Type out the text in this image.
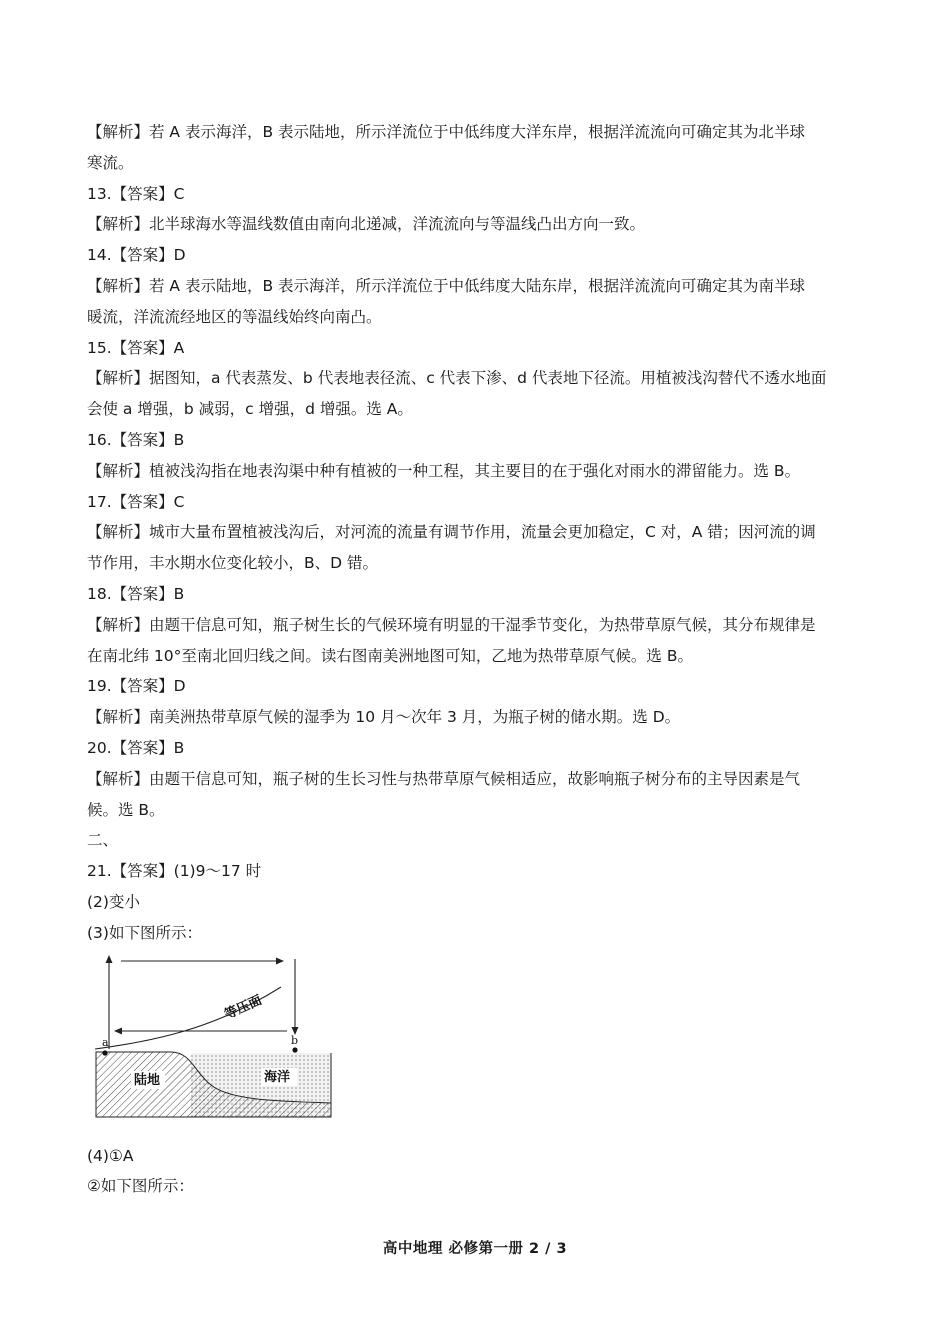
【解析】若 A 表示海洋，B 表示陆地，所示洋流位于中低纬度大洋东岸，根据洋流流向可确定其为北半球
寒流。
13.【答案】C
【解析】北半球海水等温线数值由南向北递减，洋流流向与等温线凸出方向一致。
14.【答案】D
【解析】若 A 表示陆地，B 表示海洋，所示洋流位于中低纬度大陆东岸，根据洋流流向可确定其为南半球
暖流，洋流流经地区的等温线始终向南凸。
15.【答案】A
【解析】据图知，a 代表蒸发、b 代表地表径流、c 代表下渗、d 代表地下径流。用植被浅沟替代不透水地面
会使 a 增强，b 减弱，c 增强，d 增强。选 A。
16.【答案】B
【解析】植被浅沟指在地表沟渠中种有植被的一种工程，其主要目的在于强化对雨水的滞留能力。选 B。
17.【答案】C
【解析】城市大量布置植被浅沟后，对河流的流量有调节作用，流量会更加稳定，C 对，A 错；因河流的调
节作用，丰水期水位变化较小，B、D 错。
18.【答案】B
【解析】由题干信息可知，瓶子树生长的气候环境有明显的干湿季节变化，为热带草原气候，其分布规律是
在南北纬 10°至南北回归线之间。读右图南美洲地图可知，乙地为热带草原气候。选 B。
19.【答案】D
【解析】南美洲热带草原气候的湿季为 10 月～次年 3 月，为瓶子树的储水期。选 D。
20.【答案】B
【解析】由题干信息可知，瓶子树的生长习性与热带草原气候相适应，故影响瓶子树分布的主导因素是气
候。选 B。
二、
21.【答案】(1)9～17 时
(2)变小
(3)如下图所示：
等压面
a	b
陆地	海洋
(4)①A
②如下图所示：
高中地理 必修第一册 2 / 3
